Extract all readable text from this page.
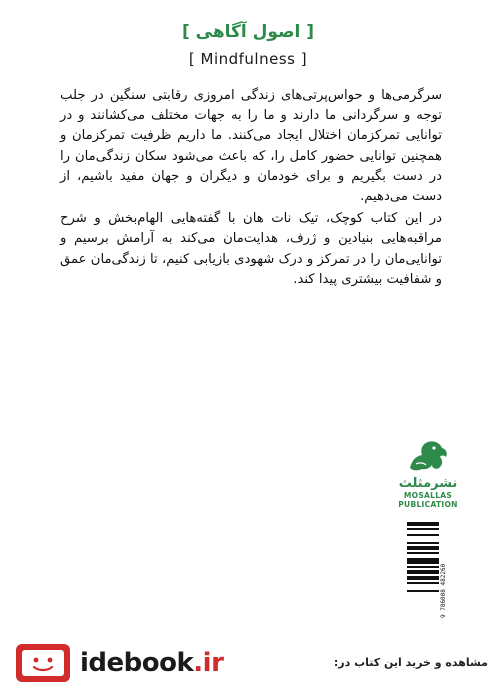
[ اصول آگاهی ]
[ Mindfulness ]

سرگرمی‌ها و حواس‌پرتی‌های زندگی امروزی رقابتی سنگین در جلب توجه و سرگردانی ما دارند و ما را به جهات مختلف می‌کشانند و در توانایی تمرکزمان اختلال ایجاد می‌کنند. ما داریم ظرفیت تمرکزمان و همچنین توانایی حضور کامل را، که باعث می‌شود سکان زندگی‌مان را در دست بگیریم و برای خودمان و دیگران و جهان مفید باشیم، از دست می‌دهیم.

در این کتاب کوچک، تیک نات هان با گفته‌هایی الهام‌بخش و شرح مراقبه‌هایی بنیادین و ژرف، هدایت‌مان می‌کند به آرامش برسیم و توانایی‌مان را در تمرکز و درک شهودی بازیابی کنیم، تا زندگی‌مان عمق و شفافیت بیشتری پیدا کند.

نشرمثلث
MOSALLAS
PUBLICATION
9 786008 482260
idebook.ir	مشاهده و خرید این کتاب در:
